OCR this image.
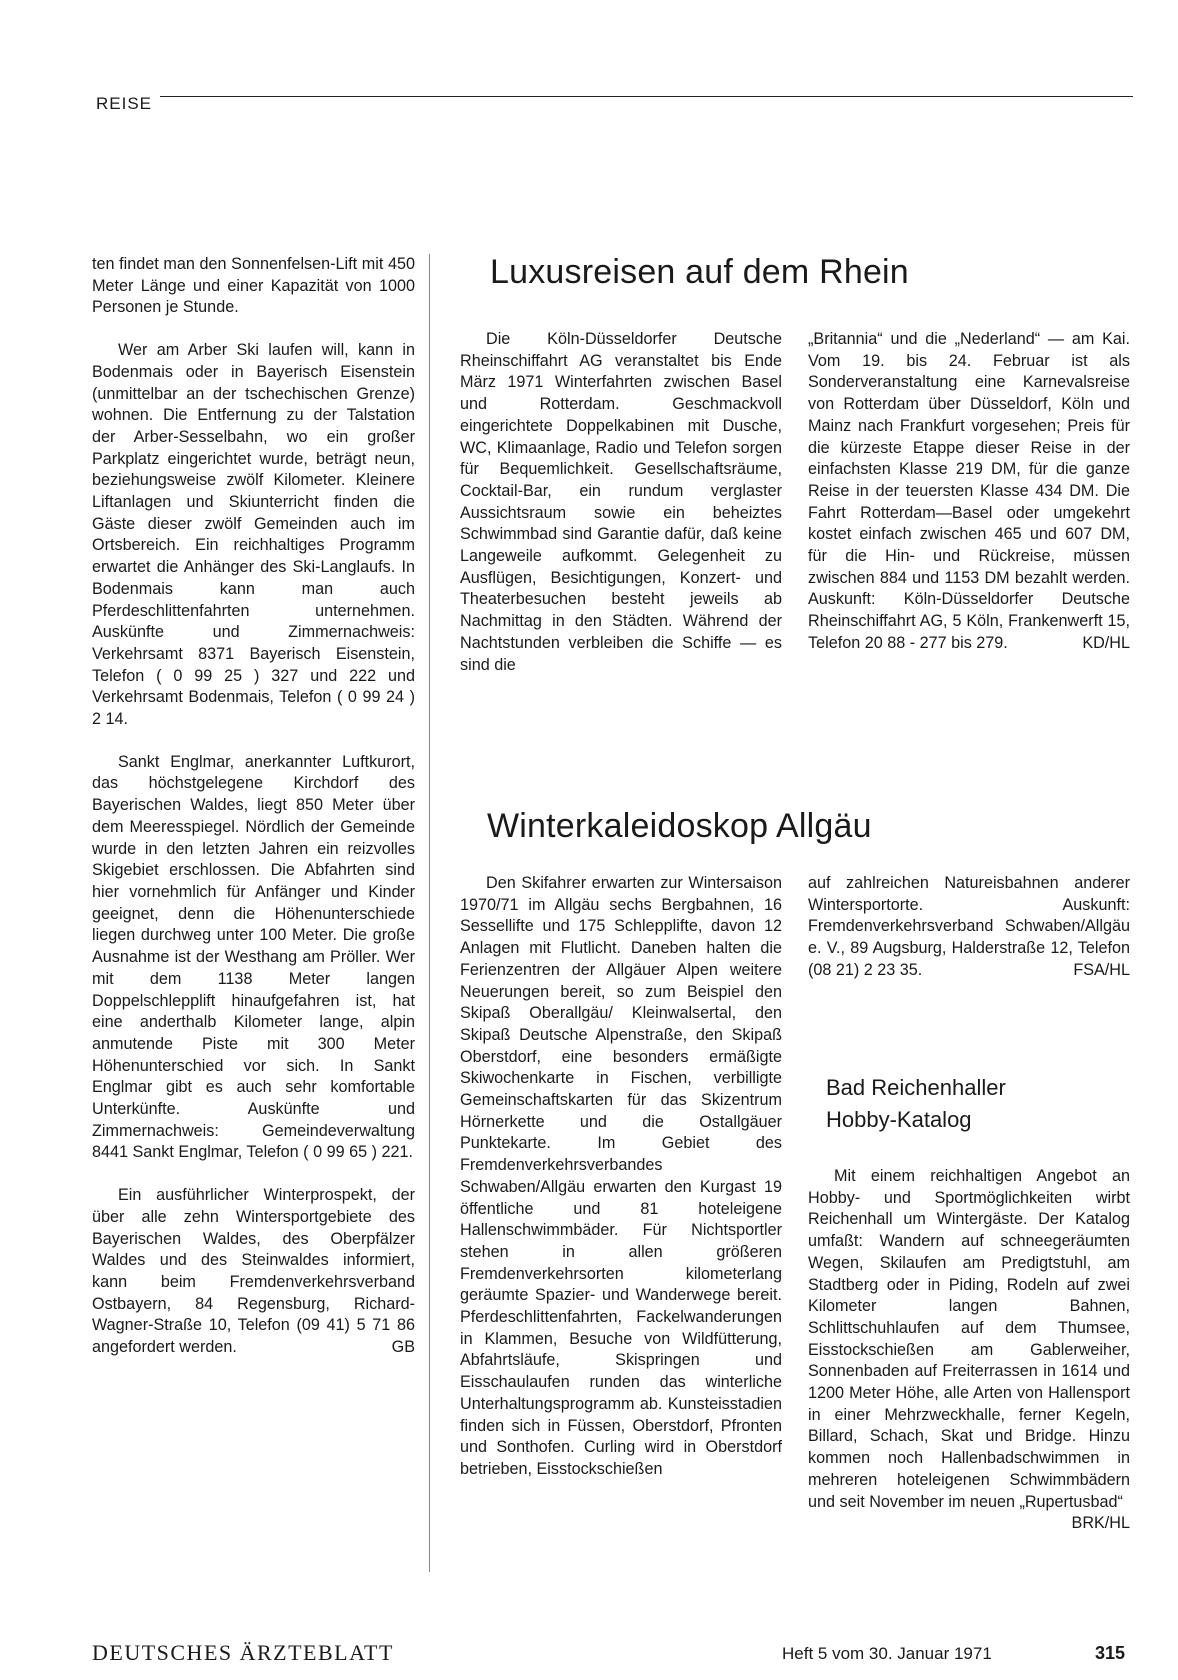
REISE

ten findet man den Sonnenfelsen-Lift mit 450 Meter Länge und einer Kapazität von 1000 Personen je Stunde.

Wer am Arber Ski laufen will, kann in Bodenmais oder in Bayerisch Eisenstein (unmittelbar an der tschechischen Grenze) wohnen. Die Entfernung zu der Talstation der Arber-Sesselbahn, wo ein großer Parkplatz eingerichtet wurde, beträgt neun, beziehungsweise zwölf Kilometer. Kleinere Liftanlagen und Skiunterricht finden die Gäste dieser zwölf Gemeinden auch im Ortsbereich. Ein reichhaltiges Programm erwartet die Anhänger des Ski-Langlaufs. In Bodenmais kann man auch Pferdeschlittenfahrten unternehmen. Auskünfte und Zimmernachweis: Verkehrsamt 8371 Bayerisch Eisenstein, Telefon ( 0 99 25 ) 327 und 222 und Verkehrsamt Bodenmais, Telefon ( 0 99 24 ) 2 14.

Sankt Englmar, anerkannter Luftkurort, das höchstgelegene Kirchdorf des Bayerischen Waldes, liegt 850 Meter über dem Meeresspiegel. Nördlich der Gemeinde wurde in den letzten Jahren ein reizvolles Skigebiet erschlossen. Die Abfahrten sind hier vornehmlich für Anfänger und Kinder geeignet, denn die Höhenunterschiede liegen durchweg unter 100 Meter. Die große Ausnahme ist der Westhang am Pröller. Wer mit dem 1138 Meter langen Doppelschlepplift hinaufgefahren ist, hat eine anderthalb Kilometer lange, alpin anmutende Piste mit 300 Meter Höhenunterschied vor sich. In Sankt Englmar gibt es auch sehr komfortable Unterkünfte. Auskünfte und Zimmernachweis: Gemeindeverwaltung 8441 Sankt Englmar, Telefon ( 0 99 65 ) 221.

Ein ausführlicher Winterprospekt, der über alle zehn Wintersportgebiete des Bayerischen Waldes, des Oberpfälzer Waldes und des Steinwaldes informiert, kann beim Fremdenverkehrsverband Ostbayern, 84 Regensburg, Richard-Wagner-Straße 10, Telefon (09 41) 5 71 86 angefordert werden.	GB

Luxusreisen auf dem Rhein

Die Köln-Düsseldorfer Deutsche Rheinschiffahrt AG veranstaltet bis Ende März 1971 Winterfahrten zwischen Basel und Rotterdam. Geschmackvoll eingerichtete Doppelkabinen mit Dusche, WC, Klimaanlage, Radio und Telefon sorgen für Bequemlichkeit. Gesellschaftsräume, Cocktail-Bar, ein rundum verglaster Aussichtsraum sowie ein beheiztes Schwimmbad sind Garantie dafür, daß keine Langeweile aufkommt. Gelegenheit zu Ausflügen, Besichtigungen, Konzert- und Theaterbesuchen besteht jeweils ab Nachmittag in den Städten. Während der Nachtstunden verbleiben die Schiffe — es sind die

„Britannia“ und die „Nederland“ — am Kai. Vom 19. bis 24. Februar ist als Sonderveranstaltung eine Karnevalsreise von Rotterdam über Düsseldorf, Köln und Mainz nach Frankfurt vorgesehen; Preis für die kürzeste Etappe dieser Reise in der einfachsten Klasse 219 DM, für die ganze Reise in der teuersten Klasse 434 DM. Die Fahrt Rotterdam—Basel oder umgekehrt kostet einfach zwischen 465 und 607 DM, für die Hin- und Rückreise, müssen zwischen 884 und 1153 DM bezahlt werden. Auskunft: Köln-Düsseldorfer Deutsche Rheinschiffahrt AG, 5 Köln, Frankenwerft 15, Telefon 20 88 - 277 bis 279.	KD/HL

Winterkaleidoskop Allgäu

Den Skifahrer erwarten zur Wintersaison 1970/71 im Allgäu sechs Bergbahnen, 16 Sessellifte und 175 Schlepplifte, davon 12 Anlagen mit Flutlicht. Daneben halten die Ferienzentren der Allgäuer Alpen weitere Neuerungen bereit, so zum Beispiel den Skipaß Oberallgäu/ Kleinwalsertal, den Skipaß Deutsche Alpenstraße, den Skipaß Oberstdorf, eine besonders ermäßigte Skiwochenkarte in Fischen, verbilligte Gemeinschaftskarten für das Skizentrum Hörnerkette und die Ostallgäuer Punktekarte. Im Gebiet des Fremdenverkehrsverbandes Schwaben/Allgäu erwarten den Kurgast 19 öffentliche und 81 hoteleigene Hallenschwimmbäder. Für Nichtsportler stehen in allen größeren Fremdenverkehrsorten kilometerlang geräumte Spazier- und Wanderwege bereit. Pferdeschlittenfahrten, Fackelwanderungen in Klammen, Besuche von Wildfütterung, Abfahrtsläufe, Skispringen und Eisschaulaufen runden das winterliche Unterhaltungsprogramm ab. Kunsteisstadien finden sich in Füssen, Oberstdorf, Pfronten und Sonthofen. Curling wird in Oberstdorf betrieben, Eisstockschießen

auf zahlreichen Natureisbahnen anderer Wintersportorte. Auskunft: Fremdenverkehrsverband Schwaben/Allgäu e. V., 89 Augsburg, Halderstraße 12, Telefon (08 21) 2 23 35.	FSA/HL

Bad Reichenhaller
Hobby-Katalog

Mit einem reichhaltigen Angebot an Hobby- und Sportmöglichkeiten wirbt Reichenhall um Wintergäste. Der Katalog umfaßt: Wandern auf schneegeräumten Wegen, Skilaufen am Predigtstuhl, am Stadtberg oder in Piding, Rodeln auf zwei Kilometer langen Bahnen, Schlittschuhlaufen auf dem Thumsee, Eisstockschießen am Gablerweiher, Sonnenbaden auf Freiterrassen in 1614 und 1200 Meter Höhe, alle Arten von Hallensport in einer Mehrzweckhalle, ferner Kegeln, Billard, Schach, Skat und Bridge. Hinzu kommen noch Hallenbadschwimmen in mehreren hoteleigenen Schwimmbädern und seit November im neuen „Rupertusbad“
BRK/HL

DEUTSCHES ÄRZTEBLATT	Heft 5 vom 30. Januar 1971	315
